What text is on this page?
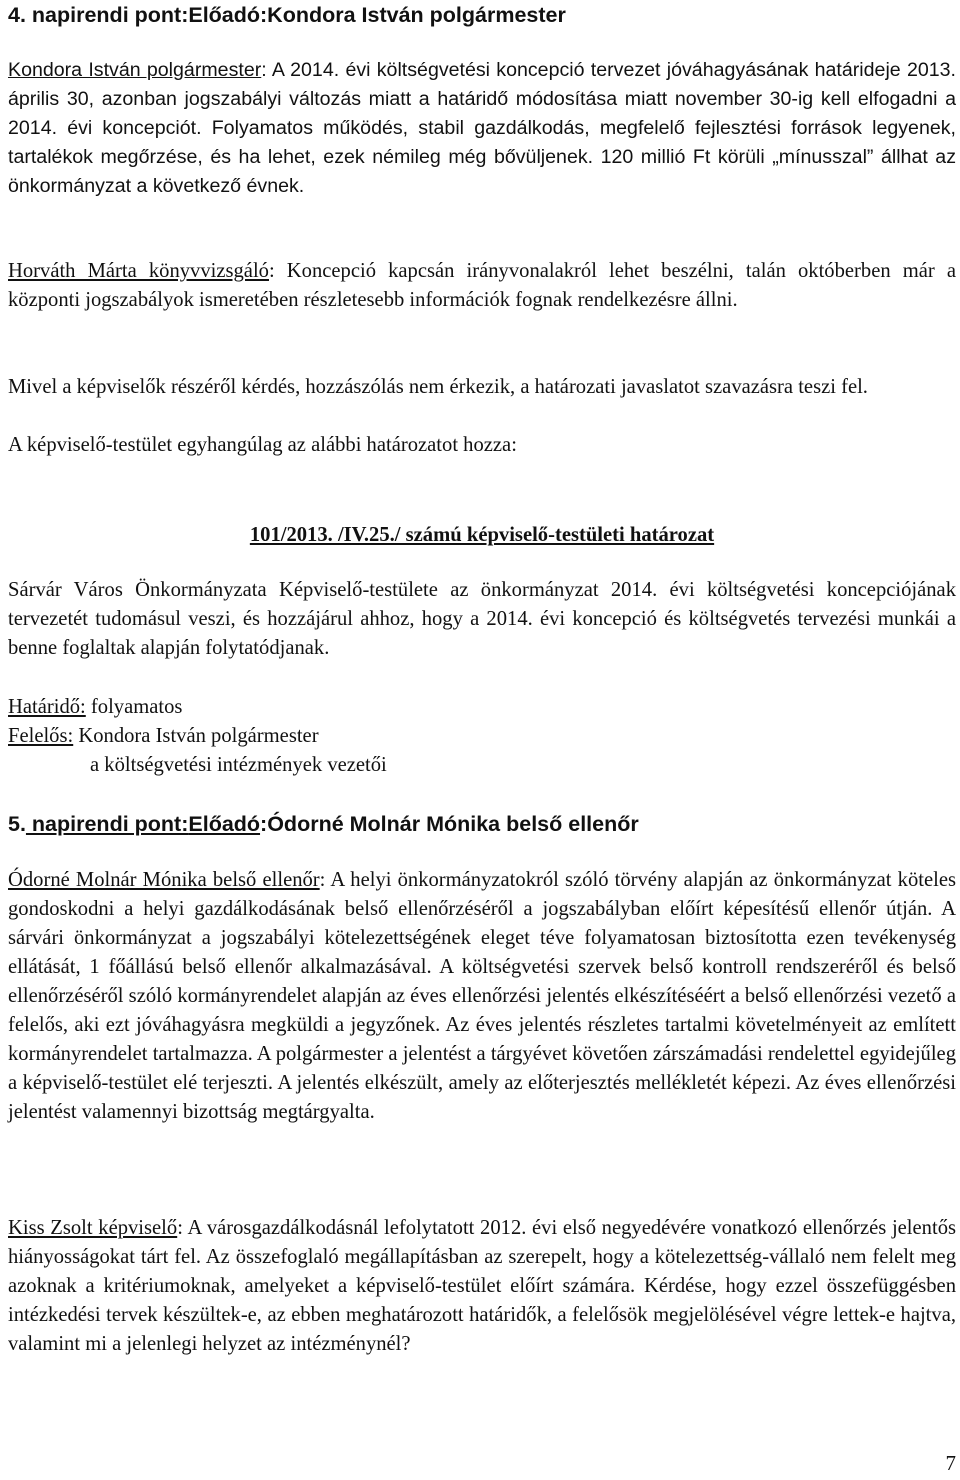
4. napirendi pont:Előadó:Kondora István polgármester

Kondora István polgármester: A 2014. évi költségvetési koncepció tervezet jóváhagyásának határideje 2013. április 30, azonban jogszabályi változás miatt a határidő módosítása miatt november 30-ig kell elfogadni a 2014. évi koncepciót. Folyamatos működés, stabil gazdálkodás, megfelelő fejlesztési források legyenek, tartalékok megőrzése, és ha lehet, ezek némileg még bővüljenek. 120 millió Ft körüli „mínusszal” állhat az önkormányzat a következő évnek.

Horváth Márta könyvvizsgáló: Koncepció kapcsán irányvonalakról lehet beszélni, talán októberben már a központi jogszabályok ismeretében részletesebb információk fognak rendelkezésre állni.

Mivel a képviselők részéről kérdés, hozzászólás nem érkezik, a határozati javaslatot szavazásra teszi fel.

A képviselő-testület egyhangúlag az alábbi határozatot hozza:

101/2013. /IV.25./ számú képviselő-testületi határozat

Sárvár Város Önkormányzata Képviselő-testülete az önkormányzat 2014. évi költségvetési koncepciójának tervezetét tudomásul veszi, és hozzájárul ahhoz, hogy a 2014. évi koncepció és költségvetés tervezési munkái a benne foglaltak alapján folytatódjanak.

Határidő: folyamatos

Felelős: Kondora István polgármester
a költségvetési intézmények vezetői

5. napirendi pont:Előadó:Ódorné Molnár Mónika belső ellenőr

Ódorné Molnár Mónika belső ellenőr: A helyi önkormányzatokról szóló törvény alapján az önkormányzat köteles gondoskodni a helyi gazdálkodásának belső ellenőrzéséről a jogszabályban előírt képesítésű ellenőr útján. A sárvári önkormányzat a jogszabályi kötelezettségének eleget téve folyamatosan biztosította ezen tevékenység ellátását, 1 főállású belső ellenőr alkalmazásával. A költségvetési szervek belső kontroll rendszeréről és belső ellenőrzéséről szóló kormányrendelet alapján az éves ellenőrzési jelentés elkészítéséért a belső ellenőrzési vezető a felelős, aki ezt jóváhagyásra megküldi a jegyzőnek. Az éves jelentés részletes tartalmi követelményeit az említett kormányrendelet tartalmazza. A polgármester a jelentést a tárgyévet követően zárszámadási rendelettel egyidejűleg a képviselő-testület elé terjeszti. A jelentés elkészült, amely az előterjesztés mellékletét képezi. Az éves ellenőrzési jelentést valamennyi bizottság megtárgyalta.

Kiss Zsolt képviselő: A városgazdálkodásnál lefolytatott 2012. évi első negyedévére vonatkozó ellenőrzés jelentős hiányosságokat tárt fel. Az összefoglaló megállapításban az szerepelt, hogy a kötelezettség-vállaló nem felelt meg azoknak a kritériumoknak, amelyeket a képviselő-testület előírt számára. Kérdése, hogy ezzel összefüggésben intézkedési tervek készültek-e, az ebben meghatározott határidők, a felelősök megjelölésével végre lettek-e hajtva, valamint mi a jelenlegi helyzet az intézménynél?

7
